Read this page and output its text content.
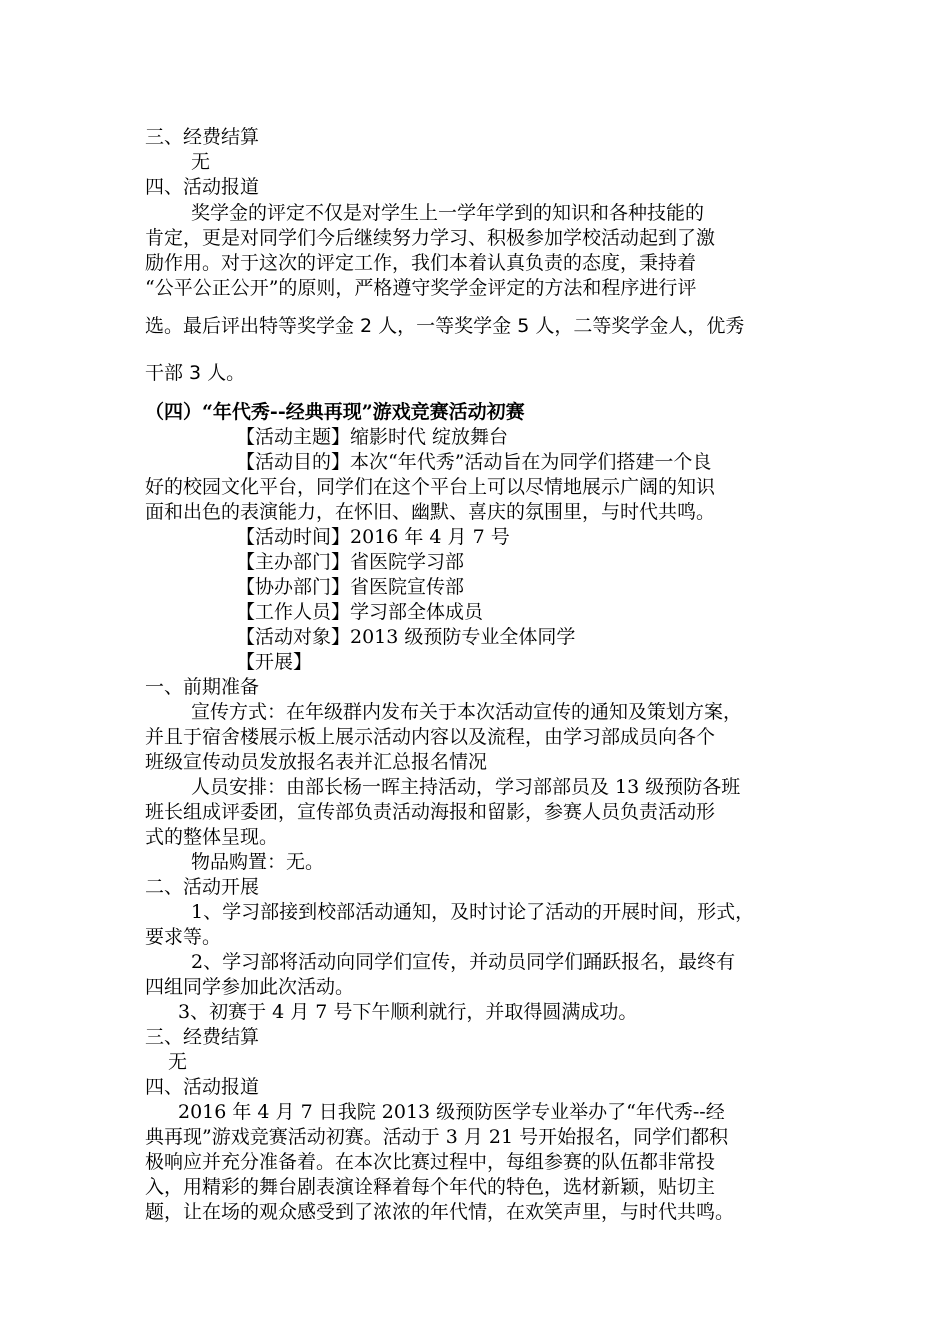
三、经费结算

无

四、活动报道

奖学金的评定不仅是对学生上一学年学到的知识和各种技能的

肯定，更是对同学们今后继续努力学习、积极参加学校活动起到了激

励作用。对于这次的评定工作，我们本着认真负责的态度，秉持着

“公平公正公开”的原则，严格遵守奖学金评定的方法和程序进行评

选。最后评出特等奖学金 2 人，一等奖学金 5 人，二等奖学金人，优秀

干部 3 人。

（四）“年代秀--经典再现”游戏竞赛活动初赛

【活动主题】缩影时代 绽放舞台

【活动目的】本次“年代秀”活动旨在为同学们搭建一个良

好的校园文化平台，同学们在这个平台上可以尽情地展示广阔的知识

面和出色的表演能力，在怀旧、幽默、喜庆的氛围里，与时代共鸣。

【活动时间】2016 年 4 月 7 号

【主办部门】省医院学习部

【协办部门】省医院宣传部

【工作人员】学习部全体成员

【活动对象】2013 级预防专业全体同学

【开展】

一、前期准备

宣传方式：在年级群内发布关于本次活动宣传的通知及策划方案，

并且于宿舍楼展示板上展示活动内容以及流程，由学习部成员向各个

班级宣传动员发放报名表并汇总报名情况

人员安排：由部长杨一晖主持活动，学习部部员及 13 级预防各班

班长组成评委团，宣传部负责活动海报和留影，参赛人员负责活动形

式的整体呈现。

物品购置：无。

二、活动开展

1、学习部接到校部活动通知，及时讨论了活动的开展时间，形式，

要求等。

2、学习部将活动向同学们宣传，并动员同学们踊跃报名，最终有

四组同学参加此次活动。

3、初赛于 4 月 7 号下午顺利就行，并取得圆满成功。

三、经费结算

无

四、活动报道

2016 年 4 月 7 日我院 2013 级预防医学专业举办了“年代秀--经

典再现”游戏竞赛活动初赛。活动于 3 月 21 号开始报名，同学们都积

极响应并充分准备着。在本次比赛过程中，每组参赛的队伍都非常投

入，用精彩的舞台剧表演诠释着每个年代的特色，选材新颖，贴切主

题，让在场的观众感受到了浓浓的年代情，在欢笑声里，与时代共鸣。
